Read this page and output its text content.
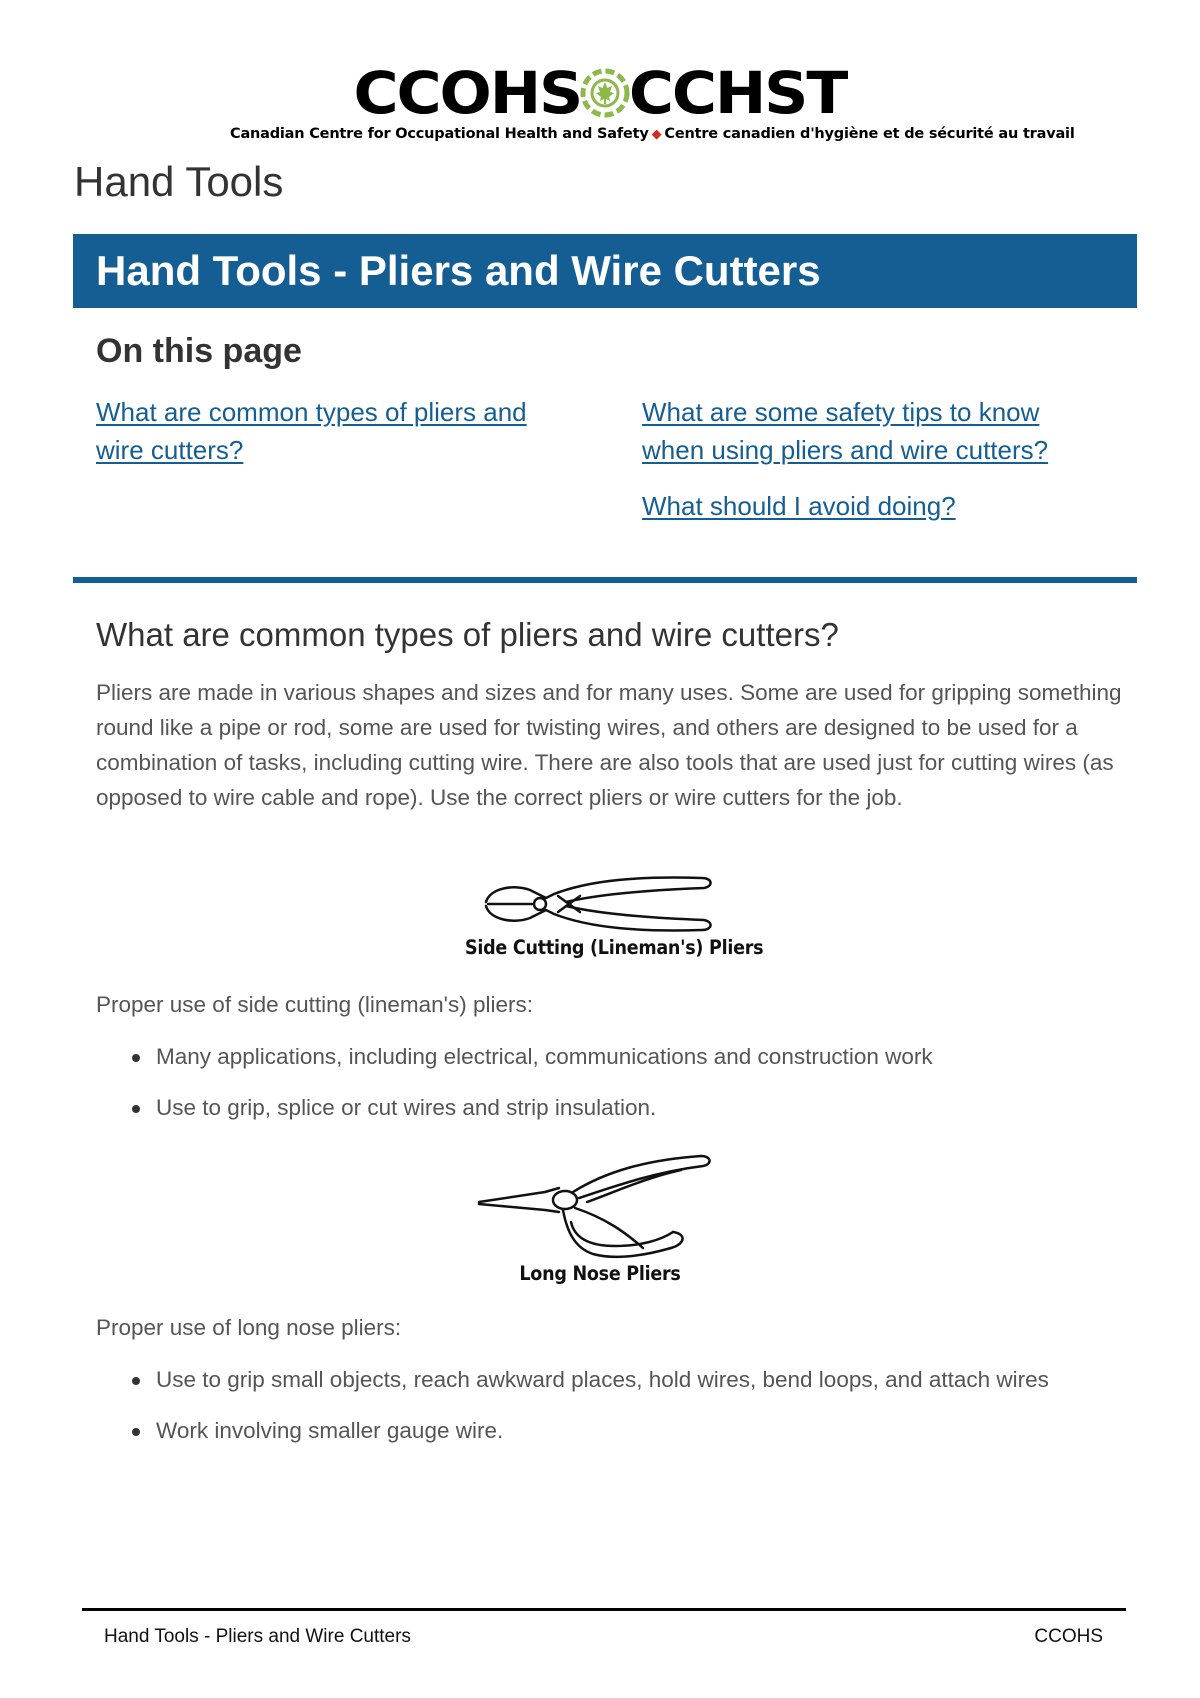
CCOHS CCHST
Canadian Centre for Occupational Health and Safety ◆ Centre canadien d'hygiène et de sécurité au travail
Hand Tools
Hand Tools - Pliers and Wire Cutters
On this page
What are common types of pliers and wire cutters?
What are some safety tips to know when using pliers and wire cutters?
What should I avoid doing?
What are common types of pliers and wire cutters?

Pliers are made in various shapes and sizes and for many uses. Some are used for gripping something round like a pipe or rod, some are used for twisting wires, and others are designed to be used for a combination of tasks, including cutting wire. There are also tools that are used just for cutting wires (as opposed to wire cable and rope). Use the correct pliers or wire cutters for the job.

Side Cutting (Lineman's) Pliers

Proper use of side cutting (lineman's) pliers:

Many applications, including electrical, communications and construction work
Use to grip, splice or cut wires and strip insulation.
Long Nose Pliers

Proper use of long nose pliers:

Use to grip small objects, reach awkward places, hold wires, bend loops, and attach wires
Work involving smaller gauge wire.
Hand Tools - Pliers and Wire Cutters	CCOHS
